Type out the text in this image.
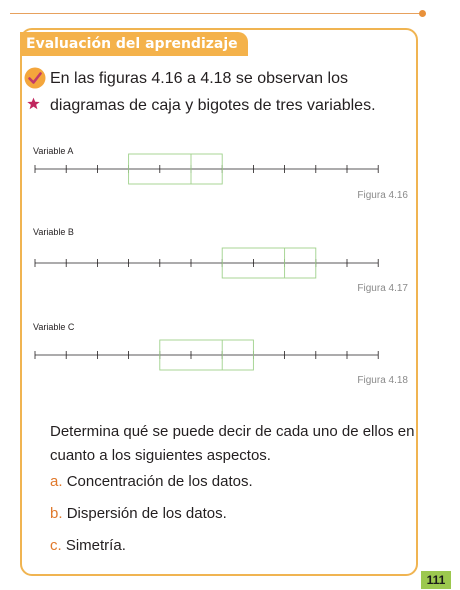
Evaluación del aprendizaje
En las figuras 4.16 a 4.18 se observan los diagramas de caja y bigotes de tres variables.
Variable A
Figura 4.16
Variable B
Figura 4.17
Variable C
Figura 4.18
Determina qué se puede decir de cada uno de ellos en cuanto a los siguientes aspectos.
a. Concentración de los datos.
b. Dispersión de los datos.
c. Simetría.
111
